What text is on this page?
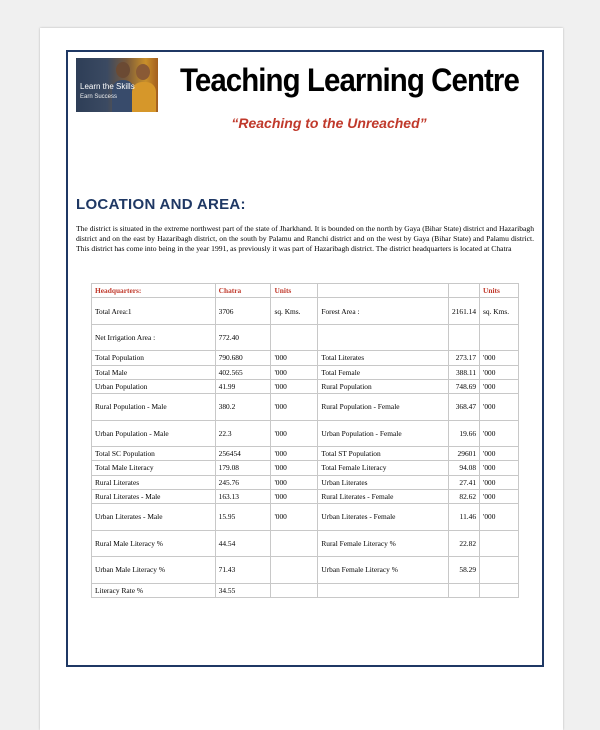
Learn the Skills
Earn Success Teaching Learning Centre
“Reaching to the Unreached”
LOCATION AND AREA:
The district is situated in the extreme northwest part of the state of Jharkhand. It is bounded on the north by Gaya (Bihar State) district and Hazaribagh district and on the east by Hazaribagh district, on the south by Palamu and Ranchi district and on the west by Gaya (Bihar State) and Palamu district. This district has come into being in the year 1991, as previously it was part of Hazaribagh district. The district headquarters is located at Chatra
Headquarters:	Chatra	Units			Units
Total Area:1	3706	sq. Kms.	Forest Area :	2161.14	sq. Kms.
Net Irrigation Area :	772.40				
Total Population	790.680	'000	Total Literates	273.17	'000
Total Male	402.565	'000	Total Female	388.11	'000
Urban Population	41.99	'000	Rural Population	748.69	'000
Rural Population - Male	380.2	'000	Rural Population - Female	368.47	'000
Urban Population - Male	22.3	'000	Urban Population - Female	19.66	'000
Total SC Population	256454	'000	Total ST Population	29601	'000
Total Male Literacy	179.08	'000	Total Female Literacy	94.08	'000
Rural Literates	245.76	'000	Urban Literates	27.41	'000
Rural Literates - Male	163.13	'000	Rural Literates - Female	82.62	'000
Urban Literates - Male	15.95	'000	Urban Literates - Female	11.46	'000
Rural Male Literacy %	44.54		Rural Female Literacy %	22.82	
Urban Male Literacy %	71.43		Urban Female Literacy %	58.29	
Literacy Rate %	34.55				
